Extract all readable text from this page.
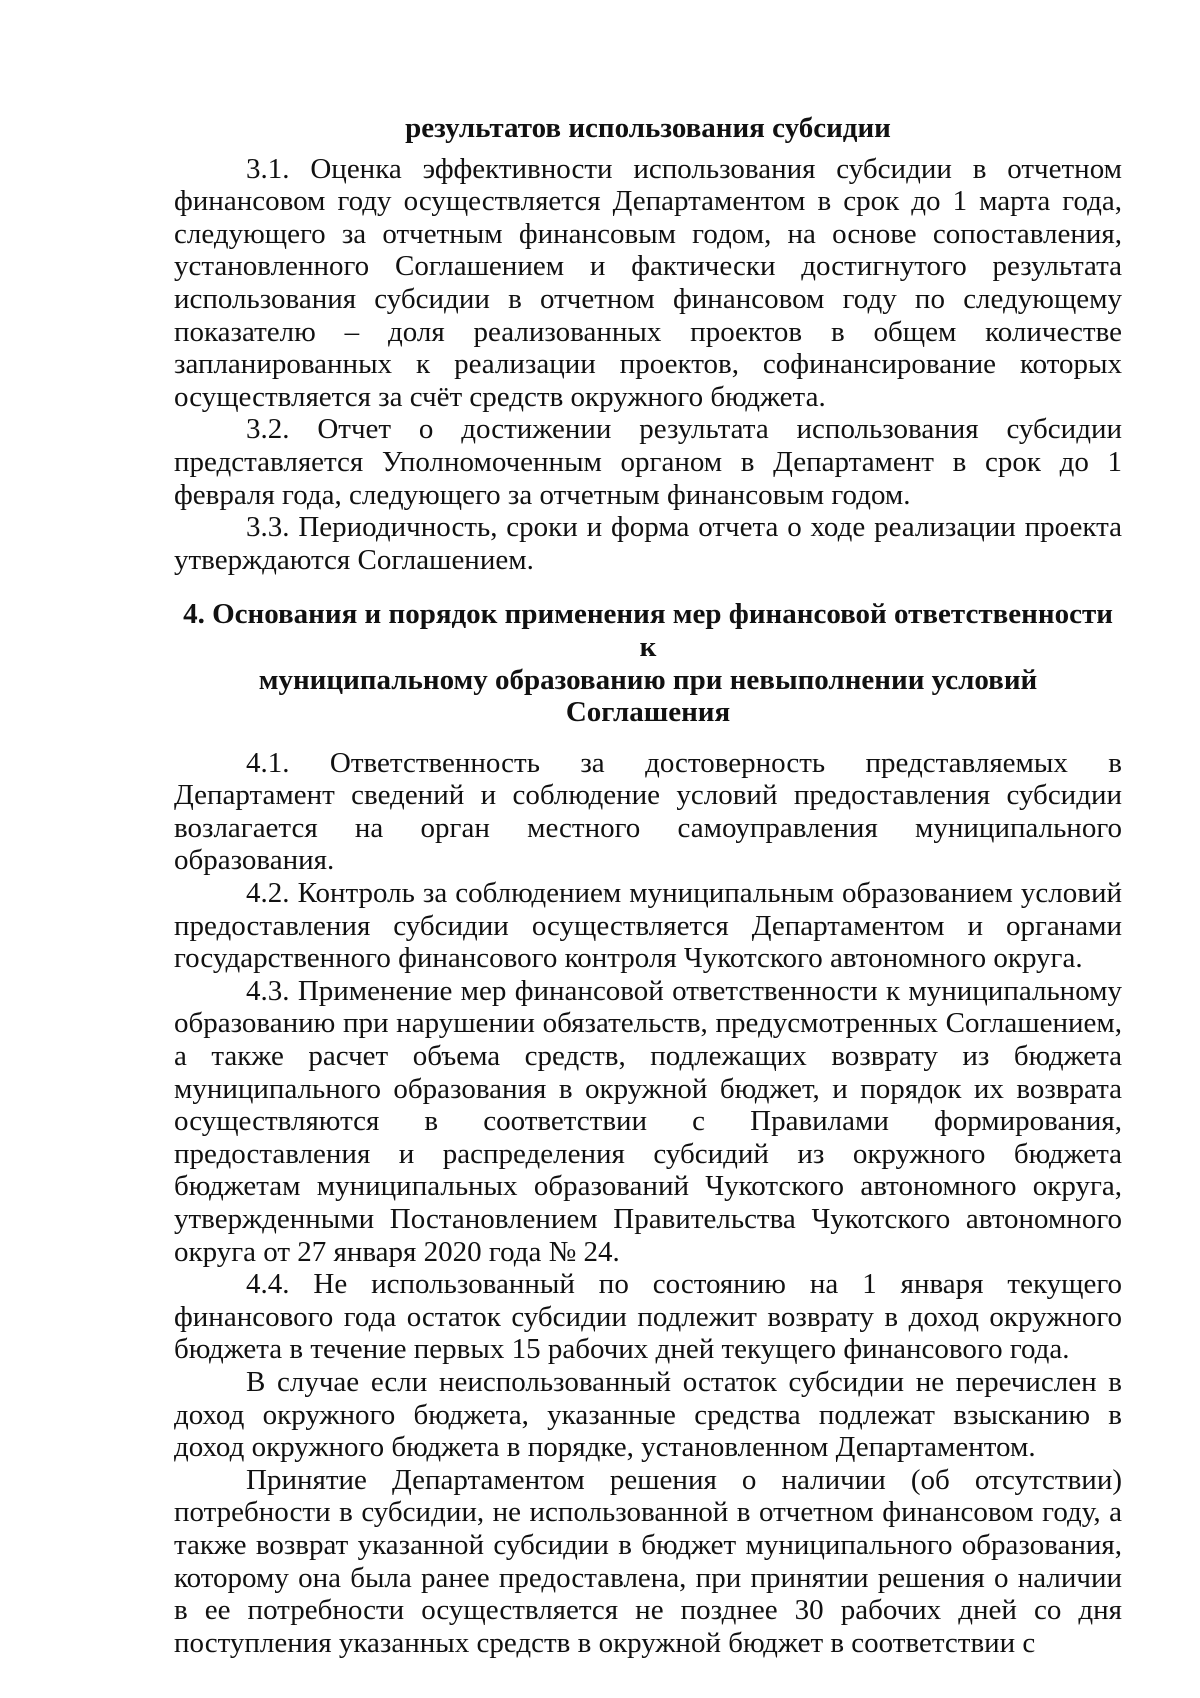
результатов использования субсидии

3.1. Оценка эффективности использования субсидии в отчетном финансовом году осуществляется Департаментом в срок до 1 марта года, следующего за отчетным финансовым годом, на основе сопоставления, установленного Соглашением и фактически достигнутого результата использования субсидии в отчетном финансовом году по следующему показателю – доля реализованных проектов в общем количестве запланированных к реализации проектов, софинансирование которых осуществляется за счёт средств окружного бюджета.

3.2. Отчет о достижении результата использования субсидии представляется Уполномоченным органом в Департамент в срок до 1 февраля года, следующего за отчетным финансовым годом.

3.3. Периодичность, сроки и форма отчета о ходе реализации проекта утверждаются Соглашением.

4. Основания и порядок применения мер финансовой ответственности к
муниципальному образованию при невыполнении условий Соглашения

4.1. Ответственность за достоверность представляемых в Департамент сведений и соблюдение условий предоставления субсидии возлагается на орган местного самоуправления муниципального образования.

4.2. Контроль за соблюдением муниципальным образованием условий предоставления субсидии осуществляется Департаментом и органами государственного финансового контроля Чукотского автономного округа.

4.3. Применение мер финансовой ответственности к муниципальному образованию при нарушении обязательств, предусмотренных Соглашением, а также расчет объема средств, подлежащих возврату из бюджета муниципального образования в окружной бюджет, и порядок их возврата осуществляются в соответствии с Правилами формирования, предоставления и распределения субсидий из окружного бюджета бюджетам муниципальных образований Чукотского автономного округа, утвержденными Постановлением Правительства Чукотского автономного округа от 27 января 2020 года № 24.

4.4. Не использованный по состоянию на 1 января текущего финансового года остаток субсидии подлежит возврату в доход окружного бюджета в течение первых 15 рабочих дней текущего финансового года.

В случае если неиспользованный остаток субсидии не перечислен в доход окружного бюджета, указанные средства подлежат взысканию в доход окружного бюджета в порядке, установленном Департаментом.

Принятие Департаментом решения о наличии (об отсутствии) потребности в субсидии, не использованной в отчетном финансовом году, а также возврат указанной субсидии в бюджет муниципального образования, которому она была ранее предоставлена, при принятии решения о наличии в ее потребности осуществляется не позднее 30 рабочих дней со дня поступления указанных средств в окружной бюджет в соответствии с
